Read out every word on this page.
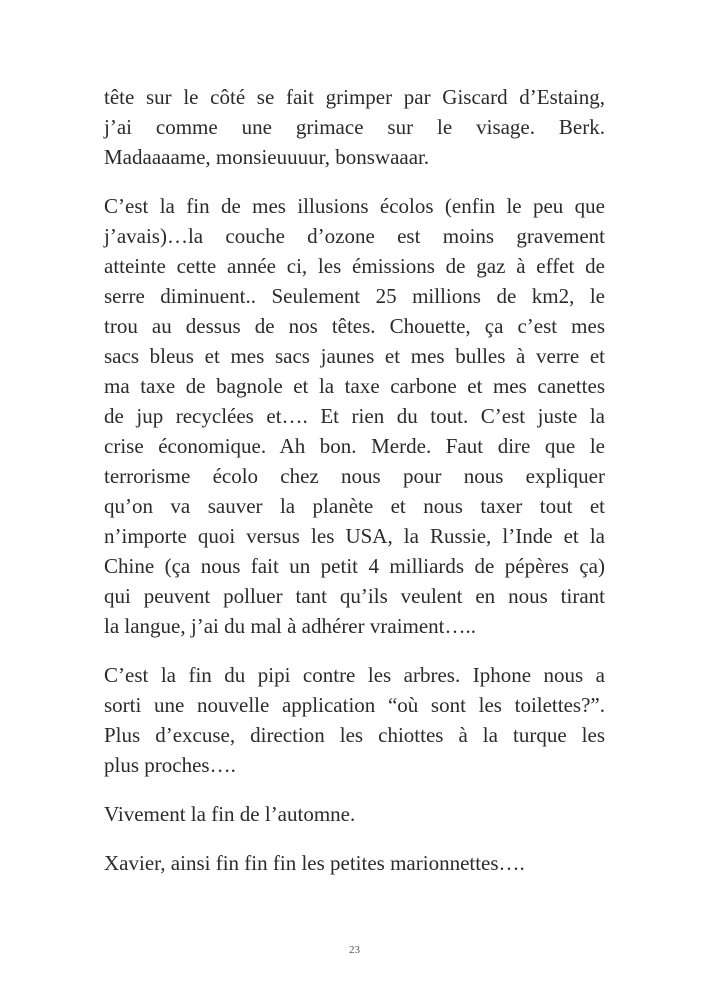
tête sur le côté se fait grimper par Giscard d’Estaing,
j’ai comme une grimace sur le visage. Berk.
Madaaaame, monsieuuuur, bonswaaar.
C’est la fin de mes illusions écolos (enfin le peu que
j’avais)…la couche d’ozone est moins gravement
atteinte cette année ci, les émissions de gaz à effet de
serre diminuent.. Seulement 25 millions de km2, le
trou au dessus de nos têtes. Chouette, ça c’est mes
sacs bleus et mes sacs jaunes et mes bulles à verre et
ma taxe de bagnole et la taxe carbone et mes canettes
de jup recyclées et…. Et rien du tout. C’est juste la
crise économique. Ah bon. Merde. Faut dire que le
terrorisme écolo chez nous pour nous expliquer
qu’on va sauver la planète et nous taxer tout et
n’importe quoi versus les USA, la Russie, l’Inde et la
Chine (ça nous fait un petit 4 milliards de pépères ça)
qui peuvent polluer tant qu’ils veulent en nous tirant
la langue, j’ai du mal à adhérer vraiment…..
C’est la fin du pipi contre les arbres. Iphone nous a
sorti une nouvelle application “où sont les toilettes?”.
Plus d’excuse, direction les chiottes à la turque les
plus proches….
Vivement la fin de l’automne.
Xavier, ainsi fin fin fin les petites marionnettes….
23
